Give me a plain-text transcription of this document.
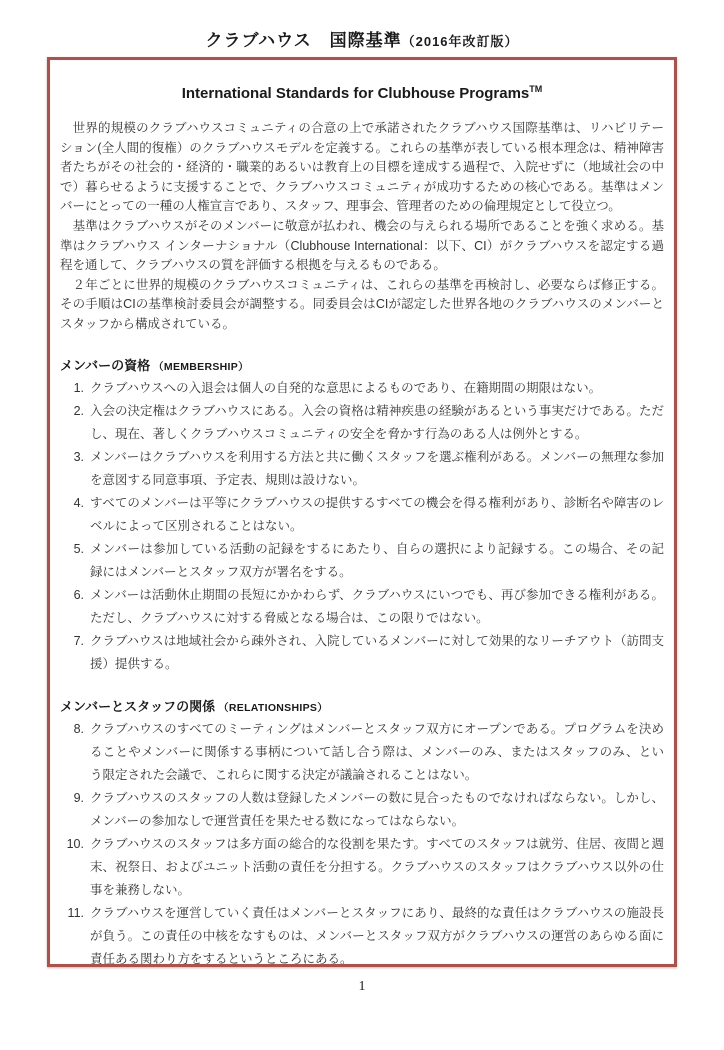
クラブハウス　国際基準（2016年改訂版）
International Standards for Clubhouse Programs™

　世界的規模のクラブハウスコミュニティの合意の上で承諾されたクラブハウス国際基準は、リハビリテーション(全人間的復権）のクラブハウスモデルを定義する。これらの基準が表している根本理念は、精神障害者たちがその社会的・経済的・職業的あるいは教育上の目標を達成する過程で、入院せずに（地域社会の中で）暮らせるように支援することで、クラブハウスコミュニティが成功するための核心である。基準はメンバーにとっての一種の人権宣言であり、スタッフ、理事会、管理者のための倫理規定として役立つ。

　基準はクラブハウスがそのメンバーに敬意が払われ、機会の与えられる場所であることを強く求める。基準はクラブハウス インターナショナル（Clubhouse International：以下、CI）がクラブハウスを認定する過程を通して、クラブハウスの質を評価する根拠を与えるものである。

　２年ごとに世界的規模のクラブハウスコミュニティは、これらの基準を再検討し、必要ならば修正する。その手順はCIの基準検討委員会が調整する。同委員会はCIが認定した世界各地のクラブハウスのメンバーとスタッフから構成されている。

メンバーの資格 （MEMBERSHIP）
1. クラブハウスへの入退会は個人の自発的な意思によるものであり、在籍期間の期限はない。
2. 入会の決定権はクラブハウスにある。入会の資格は精神疾患の経験があるという事実だけである。ただし、現在、著しくクラブハウスコミュニティの安全を脅かす行為のある人は例外とする。
3. メンバーはクラブハウスを利用する方法と共に働くスタッフを選ぶ権利がある。メンバーの無理な参加を意図する同意事項、予定表、規則は設けない。
4. すべてのメンバーは平等にクラブハウスの提供するすべての機会を得る権利があり、診断名や障害のレベルによって区別されることはない。
5. メンバーは参加している活動の記録をするにあたり、自らの選択により記録する。この場合、その記録にはメンバーとスタッフ双方が署名をする。
6. メンバーは活動休止期間の長短にかかわらず、クラブハウスにいつでも、再び参加できる権利がある。ただし、クラブハウスに対する脅威となる場合は、この限りではない。
7. クラブハウスは地域社会から疎外され、入院しているメンバーに対して効果的なリーチアウト（訪問支援）提供する。
メンバーとスタッフの関係 （RELATIONSHIPS）
8. クラブハウスのすべてのミーティングはメンバーとスタッフ双方にオープンである。プログラムを決めることやメンバーに関係する事柄について話し合う際は、メンバーのみ、またはスタッフのみ、という限定された会議で、これらに関する決定が議論されることはない。
9. クラブハウスのスタッフの人数は登録したメンバーの数に見合ったものでなければならない。しかし、メンバーの参加なしで運営責任を果たせる数になってはならない。
10. クラブハウスのスタッフは多方面の総合的な役割を果たす。すべてのスタッフは就労、住居、夜間と週末、祝祭日、およびユニット活動の責任を分担する。クラブハウスのスタッフはクラブハウス以外の仕事を兼務しない。
11. クラブハウスを運営していく責任はメンバーとスタッフにあり、最終的な責任はクラブハウスの施設長が負う。この責任の中核をなすものは、メンバーとスタッフ双方がクラブハウスの運営のあらゆる面に責任ある関わり方をするというところにある。
1
